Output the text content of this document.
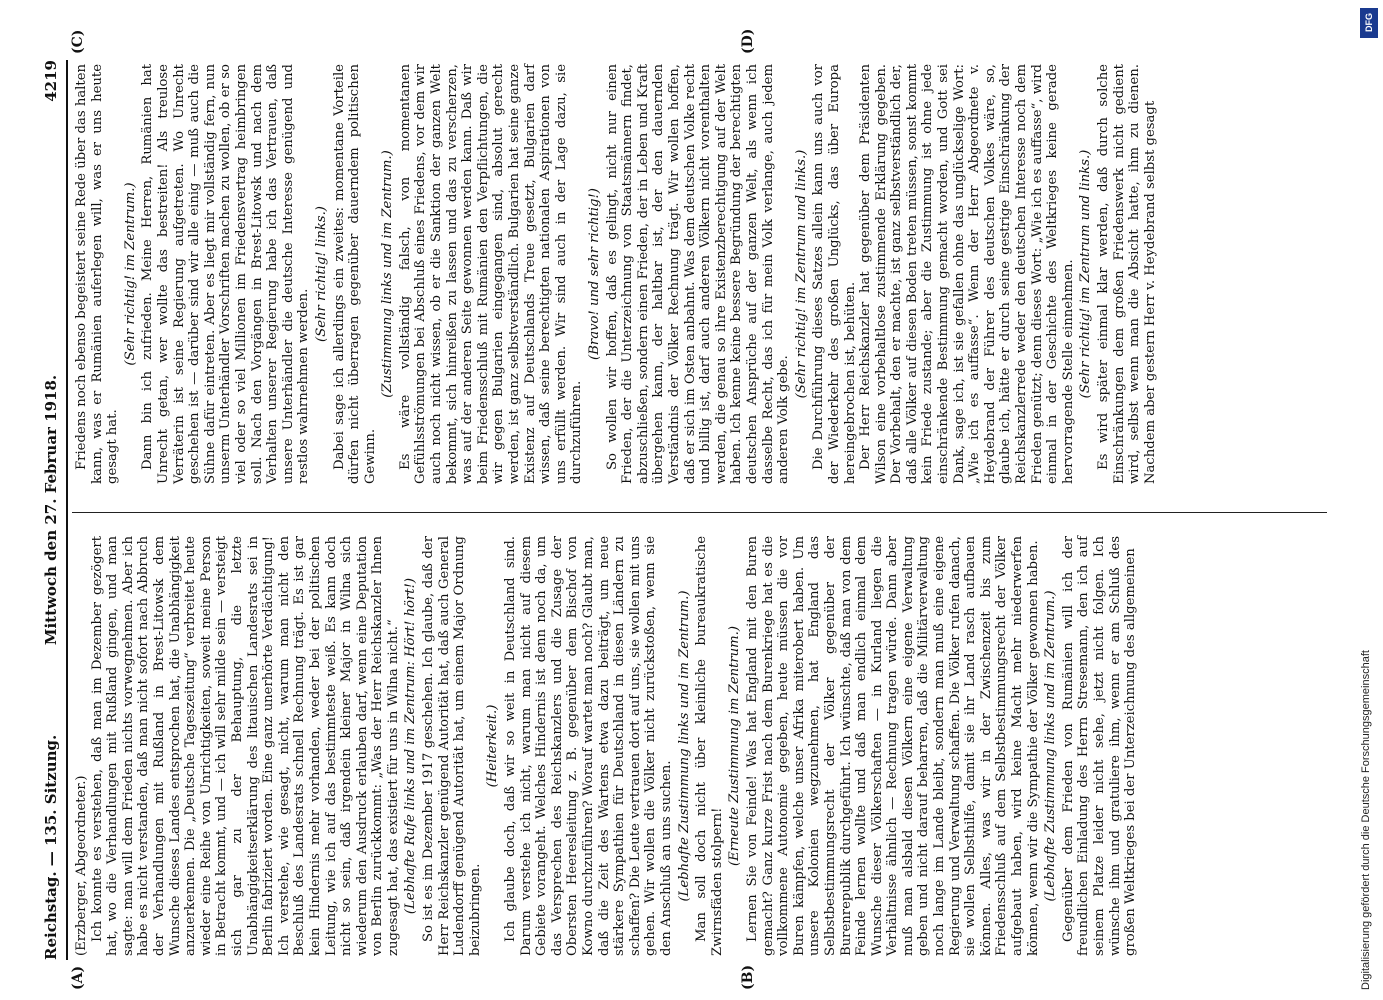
Reichstag. — 135. Sitzung.
Mittwoch den 27. Februar 1918.
4219
(A)	(B)
(C)	(D)

(Erzberger, Abgeordneter.) Ich konnte es verstehen, daß man im Dezember gezögert hat, wo die Verhandlungen mit Rußland gingen, und man sagte: man will dem Frieden nichts vorwegnehmen. Aber ich habe es nicht verstanden, daß man nicht sofort nach Abbruch der Verhandlungen mit Rußland in Brest-Litowsk dem Wunsche dieses Landes entsprochen hat, die Unabhängigkeit anzuerkennen. Die „Deutsche Tageszeitung“ verbreitet heute wieder eine Reihe von Unrichtigkeiten, soweit meine Person in Betracht kommt, und — ich will sehr milde sein — versteigt sich gar zu der Behauptung, die letzte Unabhängigkeitserklärung des litauischen Landesrats sei in Berlin fabriziert worden. Eine ganz unerhörte Verdächtigung! Ich verstehe, wie gesagt, nicht, warum man nicht den Beschluß des Landesrats schnell Rechnung trägt. Es ist gar kein Hindernis mehr vorhanden, weder bei der politischen Leitung, wie ich auf das bestimmteste weiß. Es kann doch nicht so sein, daß irgendein kleiner Major in Wilna sich wiederum den Ausdruck erlauben darf, wenn eine Deputation von Berlin zurückkommt: „Was der Herr Reichskanzler Ihnen zugesagt hat, das existiert für uns in Wilna nicht.“ (Lebhafte Rufe links und im Zentrum: Hört! hört!) So ist es im Dezember 1917 geschehen. Ich glaube, daß der Herr Reichskanzler genügend Autorität hat, daß auch General Ludendorff genügend Autorität hat, um einem Major Ordnung beizubringen.

(Heiterkeit.) Ich glaube doch, daß wir so weit in Deutschland sind. Darum verstehe ich nicht, warum man nicht auf diesem Gebiete vorangeht. Welches Hindernis ist denn noch da, um das Versprechen des Reichskanzlers und die Zusage der Obersten Heeresleitung z. B. gegenüber dem Bischof von Kowno durchzuführen? Worauf wartet man noch? Glaubt man, daß die Zeit des Wartens etwa dazu beiträgt, um neue stärkere Sympathien für Deutschland in diesen Ländern zu schaffen? Die Leute vertrauen dort auf uns, sie wollen mit uns gehen. Wir wollen die Völker nicht zurückstoßen, wenn sie den Anschluß an uns suchen. (Lebhafte Zustimmung links und im Zentrum.) Man soll doch nicht über kleinliche bureaukratische Zwirnsfäden stolpern!

(Erneute Zustimmung im Zentrum.) Lernen Sie von Feinde! Was hat England mit den Buren gemacht? Ganz kurze Frist nach dem Burenkriege hat es die vollkommene Autonomie gegeben, heute müssen die vor Buren kämpfen, welche unser Afrika miterobert haben. Um unsere Kolonien wegzunehmen, hat England das Selbstbestimmungsrecht der Völker gegenüber der Burenrepublik durchgeführt. Ich wünschte, daß man von dem Feinde lernen wollte und daß man endlich einmal dem Wunsche dieser Völkerschaften — in Kurland liegen die Verhältnisse ähnlich — Rechnung tragen würde. Dann aber muß man alsbald diesen Völkern eine eigene Verwaltung geben und nicht darauf beharren, daß die Militärverwaltung noch lange im Lande bleibt, sondern man muß eine eigene Regierung und Verwaltung schaffen. Die Völker rufen danach, sie wollen Selbsthilfe, damit sie ihr Land rasch aufbauen können. Alles, was wir in der Zwischenzeit bis zum Friedensschluß auf dem Selbstbestimmungsrecht der Völker aufgebaut haben, wird keine Macht mehr niederwerfen können, wenn wir die Sympathie der Völker gewonnen haben. (Lebhafte Zustimmung links und im Zentrum.) Gegenüber dem Frieden von Rumänien will ich der freundlichen Einladung des Herrn Stresemann, den ich auf seinem Platze leider nicht sehe, jetzt nicht folgen. Ich wünsche ihm und gratuliere ihm, wenn er am Schluß des großen Weltkrieges bei der Unterzeichnung des allgemeinen

Friedens noch ebenso begeistert seine Rede über das halten kann, was er Rumänien auferlegen will, was er uns heute gesagt hat.

(Sehr richtig! im Zentrum.) Dann bin ich zufrieden. Meine Herren, Rumänien hat Unrecht getan, wer wollte das bestreiten! Als treulose Verräterin ist seine Regierung aufgetreten. Wo Unrecht geschehen ist — darüber sind wir alle einig — muß auch die Sühne dafür eintreten. Aber es liegt mir vollständig fern, nun unserm Unterhändler Vorschriften machen zu wollen, ob er so viel oder so viel Millionen im Friedensvertrag heimbringen soll. Nach den Vorgängen in Brest-Litowsk und nach dem Verhalten unserer Regierung habe ich das Vertrauen, daß unsere Unterhändler die deutsche Interesse genügend und restlos wahrnehmen werden.

(Sehr richtig! links.) Dabei sage ich allerdings ein zweites: momentane Vorteile dürfen nicht überragen gegenüber dauerndem politischen Gewinn.

(Zustimmung links und im Zentrum.) Es wäre vollständig falsch, von momentanen Gefühlsströmungen bei Abschluß eines Friedens, vor dem wir auch noch nicht wissen, ob er die Sanktion der ganzen Welt bekommt, sich hinreißen zu lassen und das zu verscherzen, was auf der anderen Seite gewonnen werden kann. Daß wir beim Friedensschluß mit Rumänien den Verpflichtungen, die wir gegen Bulgarien eingegangen sind, absolut gerecht werden, ist ganz selbstverständlich. Bulgarien hat seine ganze Existenz auf Deutschlands Treue gesetzt, Bulgarien darf wissen, daß seine berechtigten nationalen Aspirationen von uns erfüllt werden. Wir sind auch in der Lage dazu, sie durchzuführen.

(Bravo! und sehr richtig!) So wollen wir hoffen, daß es gelingt, nicht nur einen Frieden, der die Unterzeichnung von Staatsmännern findet, abzuschließen, sondern einen Frieden, der in Leben und Kraft übergehen kann, der haltbar ist, der den dauernden Verständnis der Völker Rechnung trägt. Wir wollen hoffen, daß er sich im Osten anbahnt. Was dem deutschen Volke recht und billig ist, darf auch anderen Völkern nicht vorenthalten werden, die genau so ihre Existenzberechtigung auf der Welt haben. Ich kenne keine bessere Begründung der berechtigten deutschen Ansprüche auf der ganzen Welt, als wenn ich dasselbe Recht, das ich für mein Volk verlange, auch jedem anderen Volk gebe.

(Sehr richtig! im Zentrum und links.) Die Durchführung dieses Satzes allein kann uns auch vor der Wiederkehr des großen Unglücks, das über Europa hereingebrochen ist, behüten. Der Herr Reichskanzler hat gegenüber dem Präsidenten Wilson eine vorbehaltlose zustimmende Erklärung gegeben. Der Vorbehalt, den er machte, ist ganz selbstverständlich der, daß alle Völker auf diesen Boden treten müssen, sonst kommt kein Friede zustande; aber die Zustimmung ist ohne jede einschränkende Bestimmung gemacht worden, und Gott sei Dank, sage ich, ist sie gefallen ohne das unglückselige Wort: „Wie ich es auffasse“. Wenn der Herr Abgeordnete v. Heydebrand der Führer des deutschen Volkes wäre, so, glaube ich, hätte er durch seine gestrige Einschränkung der Reichskanzlerrede weder den deutschen Interesse noch dem Frieden genützt; denn dieses Wort: „Wie ich es auffasse“, wird einmal in der Geschichte des Weltkrieges keine gerade hervorragende Stelle einnehmen. (Sehr richtig! im Zentrum und links.) Es wird später einmal klar werden, daß durch solche Einschränkungen dem großen Friedenswerk nicht gedient wird, selbst wenn man die Absicht hatte, ihm zu dienen. Nachdem aber gestern Herr v. Heydebrand selbst gesagt

DFG
Digitalisierung gefördert durch die Deutsche Forschungsgemeinschaft
